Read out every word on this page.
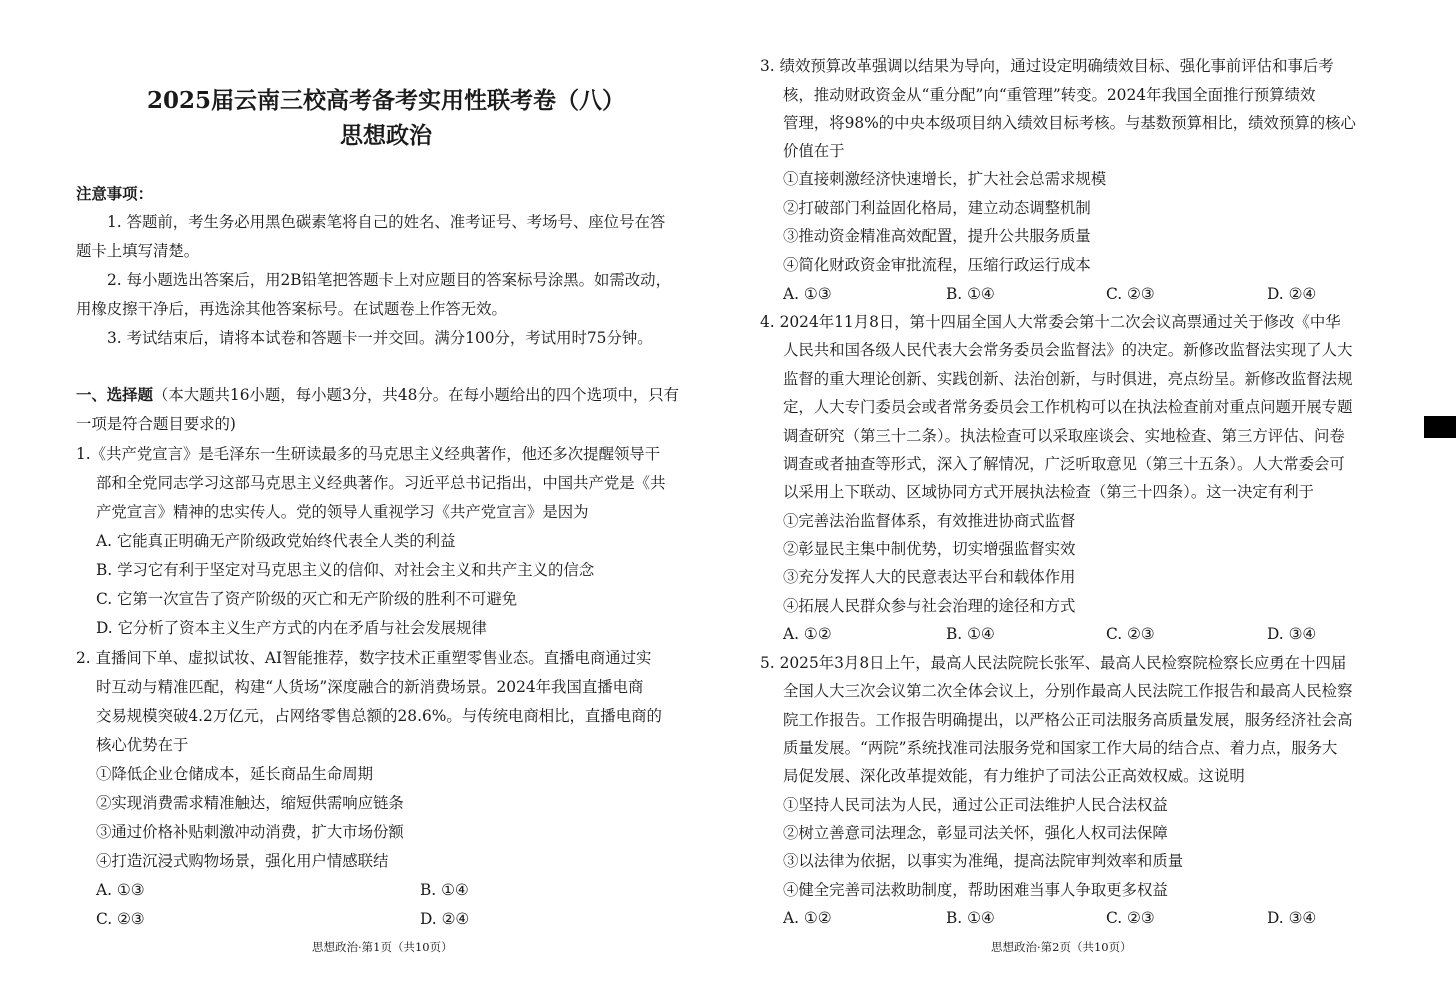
2025届云南三校高考备考实用性联考卷（八）
思想政治
注意事项：
1. 答题前，考生务必用黑色碳素笔将自己的姓名、准考证号、考场号、座位号在答
题卡上填写清楚。
2. 每小题选出答案后，用2B铅笔把答题卡上对应题目的答案标号涂黑。如需改动，
用橡皮擦干净后，再选涂其他答案标号。在试题卷上作答无效。
3. 考试结束后，请将本试卷和答题卡一并交回。满分100分，考试用时75分钟。
一、选择题（本大题共16小题，每小题3分，共48分。在每小题给出的四个选项中，只有
一项是符合题目要求的)
1.《共产党宣言》是毛泽东一生研读最多的马克思主义经典著作，他还多次提醒领导干
部和全党同志学习这部马克思主义经典著作。习近平总书记指出，中国共产党是《共
产党宣言》精神的忠实传人。党的领导人重视学习《共产党宣言》是因为
A. 它能真正明确无产阶级政党始终代表全人类的利益
B. 学习它有利于坚定对马克思主义的信仰、对社会主义和共产主义的信念
C. 它第一次宣告了资产阶级的灭亡和无产阶级的胜利不可避免
D. 它分析了资本主义生产方式的内在矛盾与社会发展规律
2. 直播间下单、虚拟试妆、AI智能推荐，数字技术正重塑零售业态。直播电商通过实
时互动与精准匹配，构建“人货场”深度融合的新消费场景。2024年我国直播电商
交易规模突破4.2万亿元，占网络零售总额的28.6%。与传统电商相比，直播电商的
核心优势在于
①降低企业仓储成本，延长商品生命周期
②实现消费需求精准触达，缩短供需响应链条
③通过价格补贴刺激冲动消费，扩大市场份额
④打造沉浸式购物场景，强化用户情感联结
A. ①③	B. ①④
C. ②③	D. ②④
思想政治·第1页（共10页）
3. 绩效预算改革强调以结果为导向，通过设定明确绩效目标、强化事前评估和事后考
核，推动财政资金从“重分配”向“重管理”转变。2024年我国全面推行预算绩效
管理，将98%的中央本级项目纳入绩效目标考核。与基数预算相比，绩效预算的核心
价值在于
①直接刺激经济快速增长，扩大社会总需求规模
②打破部门利益固化格局，建立动态调整机制
③推动资金精准高效配置，提升公共服务质量
④简化财政资金审批流程，压缩行政运行成本
A. ①③	B. ①④	C. ②③	D. ②④
4. 2024年11月8日，第十四届全国人大常委会第十二次会议高票通过关于修改《中华
人民共和国各级人民代表大会常务委员会监督法》的决定。新修改监督法实现了人大
监督的重大理论创新、实践创新、法治创新，与时俱进，亮点纷呈。新修改监督法规
定，人大专门委员会或者常务委员会工作机构可以在执法检查前对重点问题开展专题
调查研究（第三十二条）。执法检查可以采取座谈会、实地检查、第三方评估、问卷
调查或者抽查等形式，深入了解情况，广泛听取意见（第三十五条）。人大常委会可
以采用上下联动、区域协同方式开展执法检查（第三十四条）。这一决定有利于
①完善法治监督体系，有效推进协商式监督
②彰显民主集中制优势，切实增强监督实效
③充分发挥人大的民意表达平台和载体作用
④拓展人民群众参与社会治理的途径和方式
A. ①②	B. ①④	C. ②③	D. ③④
5. 2025年3月8日上午，最高人民法院院长张军、最高人民检察院检察长应勇在十四届
全国人大三次会议第二次全体会议上，分别作最高人民法院工作报告和最高人民检察
院工作报告。工作报告明确提出，以严格公正司法服务高质量发展，服务经济社会高
质量发展。“两院”系统找准司法服务党和国家工作大局的结合点、着力点，服务大
局促发展、深化改革提效能，有力维护了司法公正高效权威。这说明
①坚持人民司法为人民，通过公正司法维护人民合法权益
②树立善意司法理念，彰显司法关怀，强化人权司法保障
③以法律为依据，以事实为准绳，提高法院审判效率和质量
④健全完善司法救助制度，帮助困难当事人争取更多权益
A. ①②	B. ①④	C. ②③	D. ③④
思想政治·第2页（共10页）
